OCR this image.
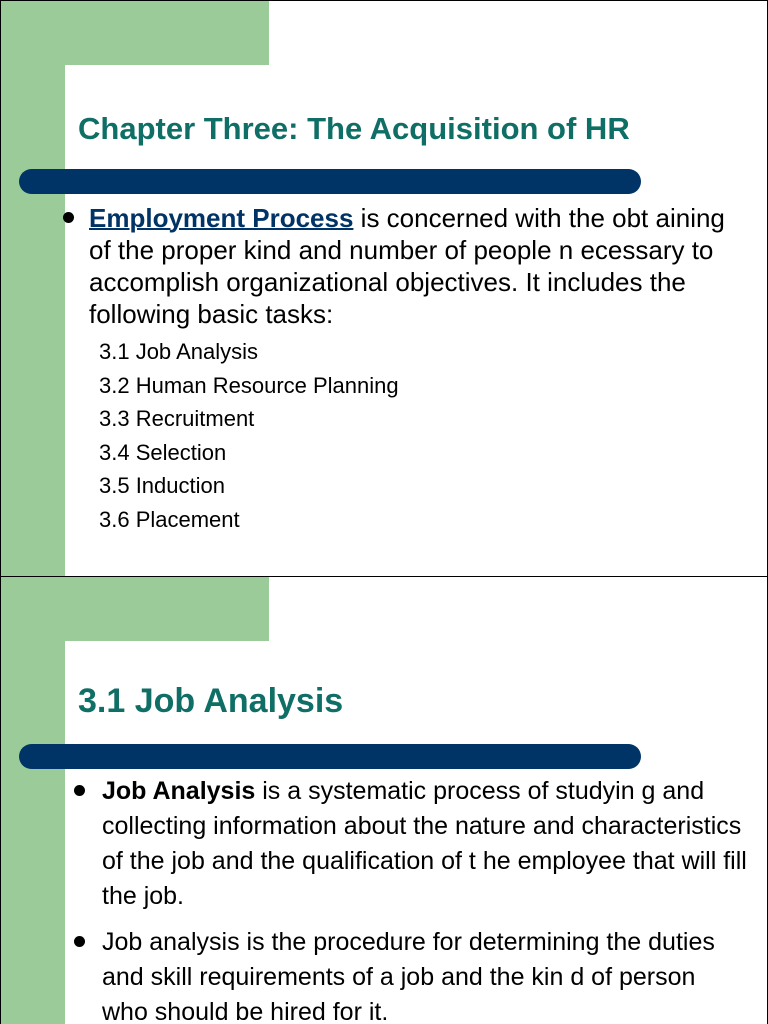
Chapter Three: The Acquisition of HR
Employment Process is concerned with the obt aining of the proper kind and number of people n ecessary to accomplish organizational objectives. It includes the following basic tasks:
3.1 Job Analysis
3.2 Human Resource Planning
3.3 Recruitment
3.4 Selection
3.5 Induction
3.6 Placement
3.1 Job Analysis
Job Analysis is a systematic process of studyin g and collecting information about the nature and characteristics of the job and the qualification of t he employee that will fill the job.
Job analysis is the procedure for determining the duties and skill requirements of a job and the kin d of person who should be hired for it.
